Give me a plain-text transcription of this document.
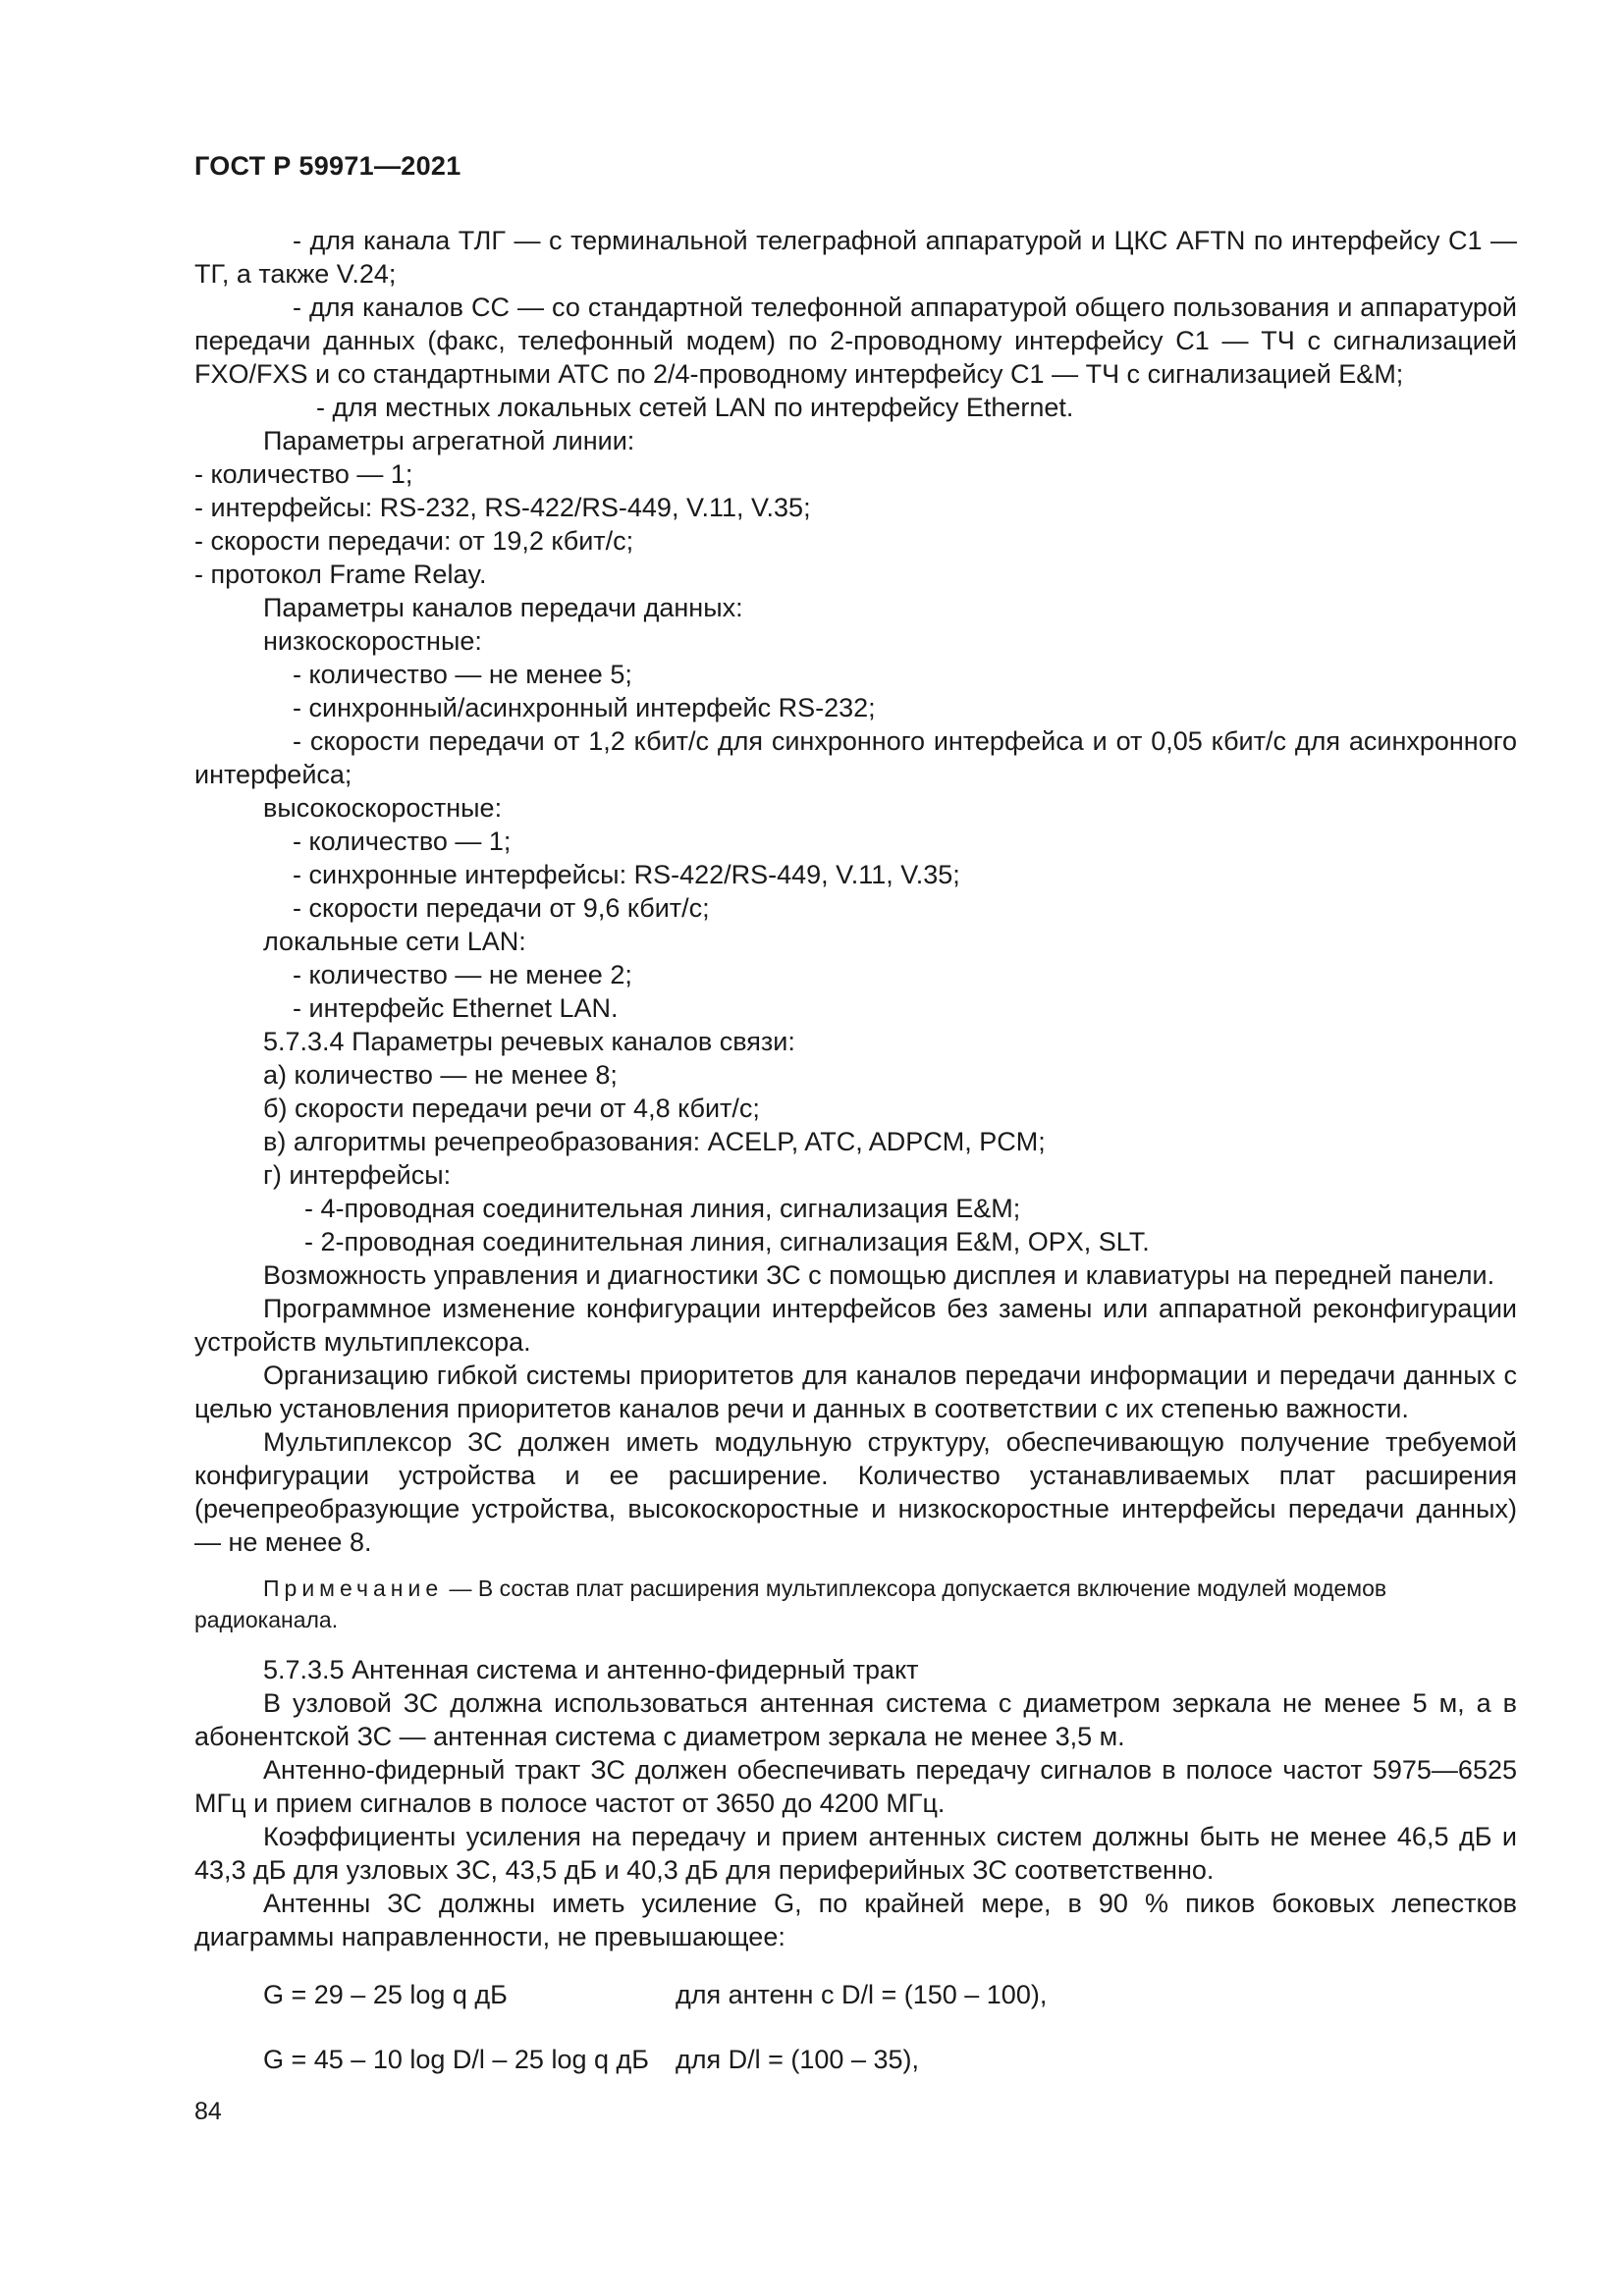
ГОСТ Р 59971—2021

- для канала ТЛГ — с терминальной телеграфной аппаратурой и ЦКС AFTN по интерфейсу С1 — ТГ, а также V.24;

- для каналов СС — со стандартной телефонной аппаратурой общего пользования и аппаратурой передачи данных (факс, телефонный модем) по 2-проводному интерфейсу С1 — ТЧ с сигнализацией FXO/FXS и со стандартными АТС по 2/4-проводному интерфейсу С1 — ТЧ с сигнализацией E&M;

- для местных локальных сетей LAN по интерфейсу Ethernet.

Параметры агрегатной линии:

- количество — 1;

- интерфейсы: RS-232, RS-422/RS-449, V.11, V.35;

- скорости передачи: от 19,2 кбит/с;

- протокол Frame Relay.

Параметры каналов передачи данных:

низкоскоростные:

- количество — не менее 5;

- синхронный/асинхронный интерфейс RS-232;

- скорости передачи от 1,2 кбит/с для синхронного интерфейса и от 0,05 кбит/с для асинхронного интерфейса;

высокоскоростные:

- количество — 1;

- синхронные интерфейсы: RS-422/RS-449, V.11, V.35;

- скорости передачи от 9,6 кбит/с;

локальные сети LAN:

- количество — не менее 2;

- интерфейс Ethernet LAN.

5.7.3.4 Параметры речевых каналов связи:

а) количество — не менее 8;

б) скорости передачи речи от 4,8 кбит/с;

в) алгоритмы речепреобразования: ACELP, ATC, ADPCM, PCM;

г) интерфейсы:

- 4-проводная соединительная линия, сигнализация E&M;

- 2-проводная соединительная линия, сигнализация E&M, OPX, SLT.

Возможность управления и диагностики ЗС с помощью дисплея и клавиатуры на передней панели.

Программное изменение конфигурации интерфейсов без замены или аппаратной реконфигурации устройств мультиплексора.

Организацию гибкой системы приоритетов для каналов передачи информации и передачи данных с целью установления приоритетов каналов речи и данных в соответствии с их степенью важности.

Мультиплексор ЗС должен иметь модульную структуру, обеспечивающую получение требуемой конфигурации устройства и ее расширение. Количество устанавливаемых плат расширения (речепреобразующие устройства, высокоскоростные и низкоскоростные интерфейсы передачи данных) — не менее 8.

Примечание — В состав плат расширения мультиплексора допускается включение модулей модемов радиоканала.

5.7.3.5 Антенная система и антенно-фидерный тракт

В узловой ЗС должна использоваться антенная система с диаметром зеркала не менее 5 м, а в абонентской ЗС — антенная система с диаметром зеркала не менее 3,5 м.

Антенно-фидерный тракт ЗС должен обеспечивать передачу сигналов в полосе частот 5975—6525 МГц и прием сигналов в полосе частот от 3650 до 4200 МГц.

Коэффициенты усиления на передачу и прием антенных систем должны быть не менее 46,5 дБ и 43,3 дБ для узловых ЗС, 43,5 дБ и 40,3 дБ для периферийных ЗС соответственно.

Антенны ЗС должны иметь усиление G, по крайней мере, в 90 % пиков боковых лепестков диаграммы направленности, не превышающее:

G = 29 – 25 log q дБ	для антенн с D/l = (150 – 100),
G = 45 – 10 log D/l – 25 log q дБ	для D/l = (100 – 35),
84
